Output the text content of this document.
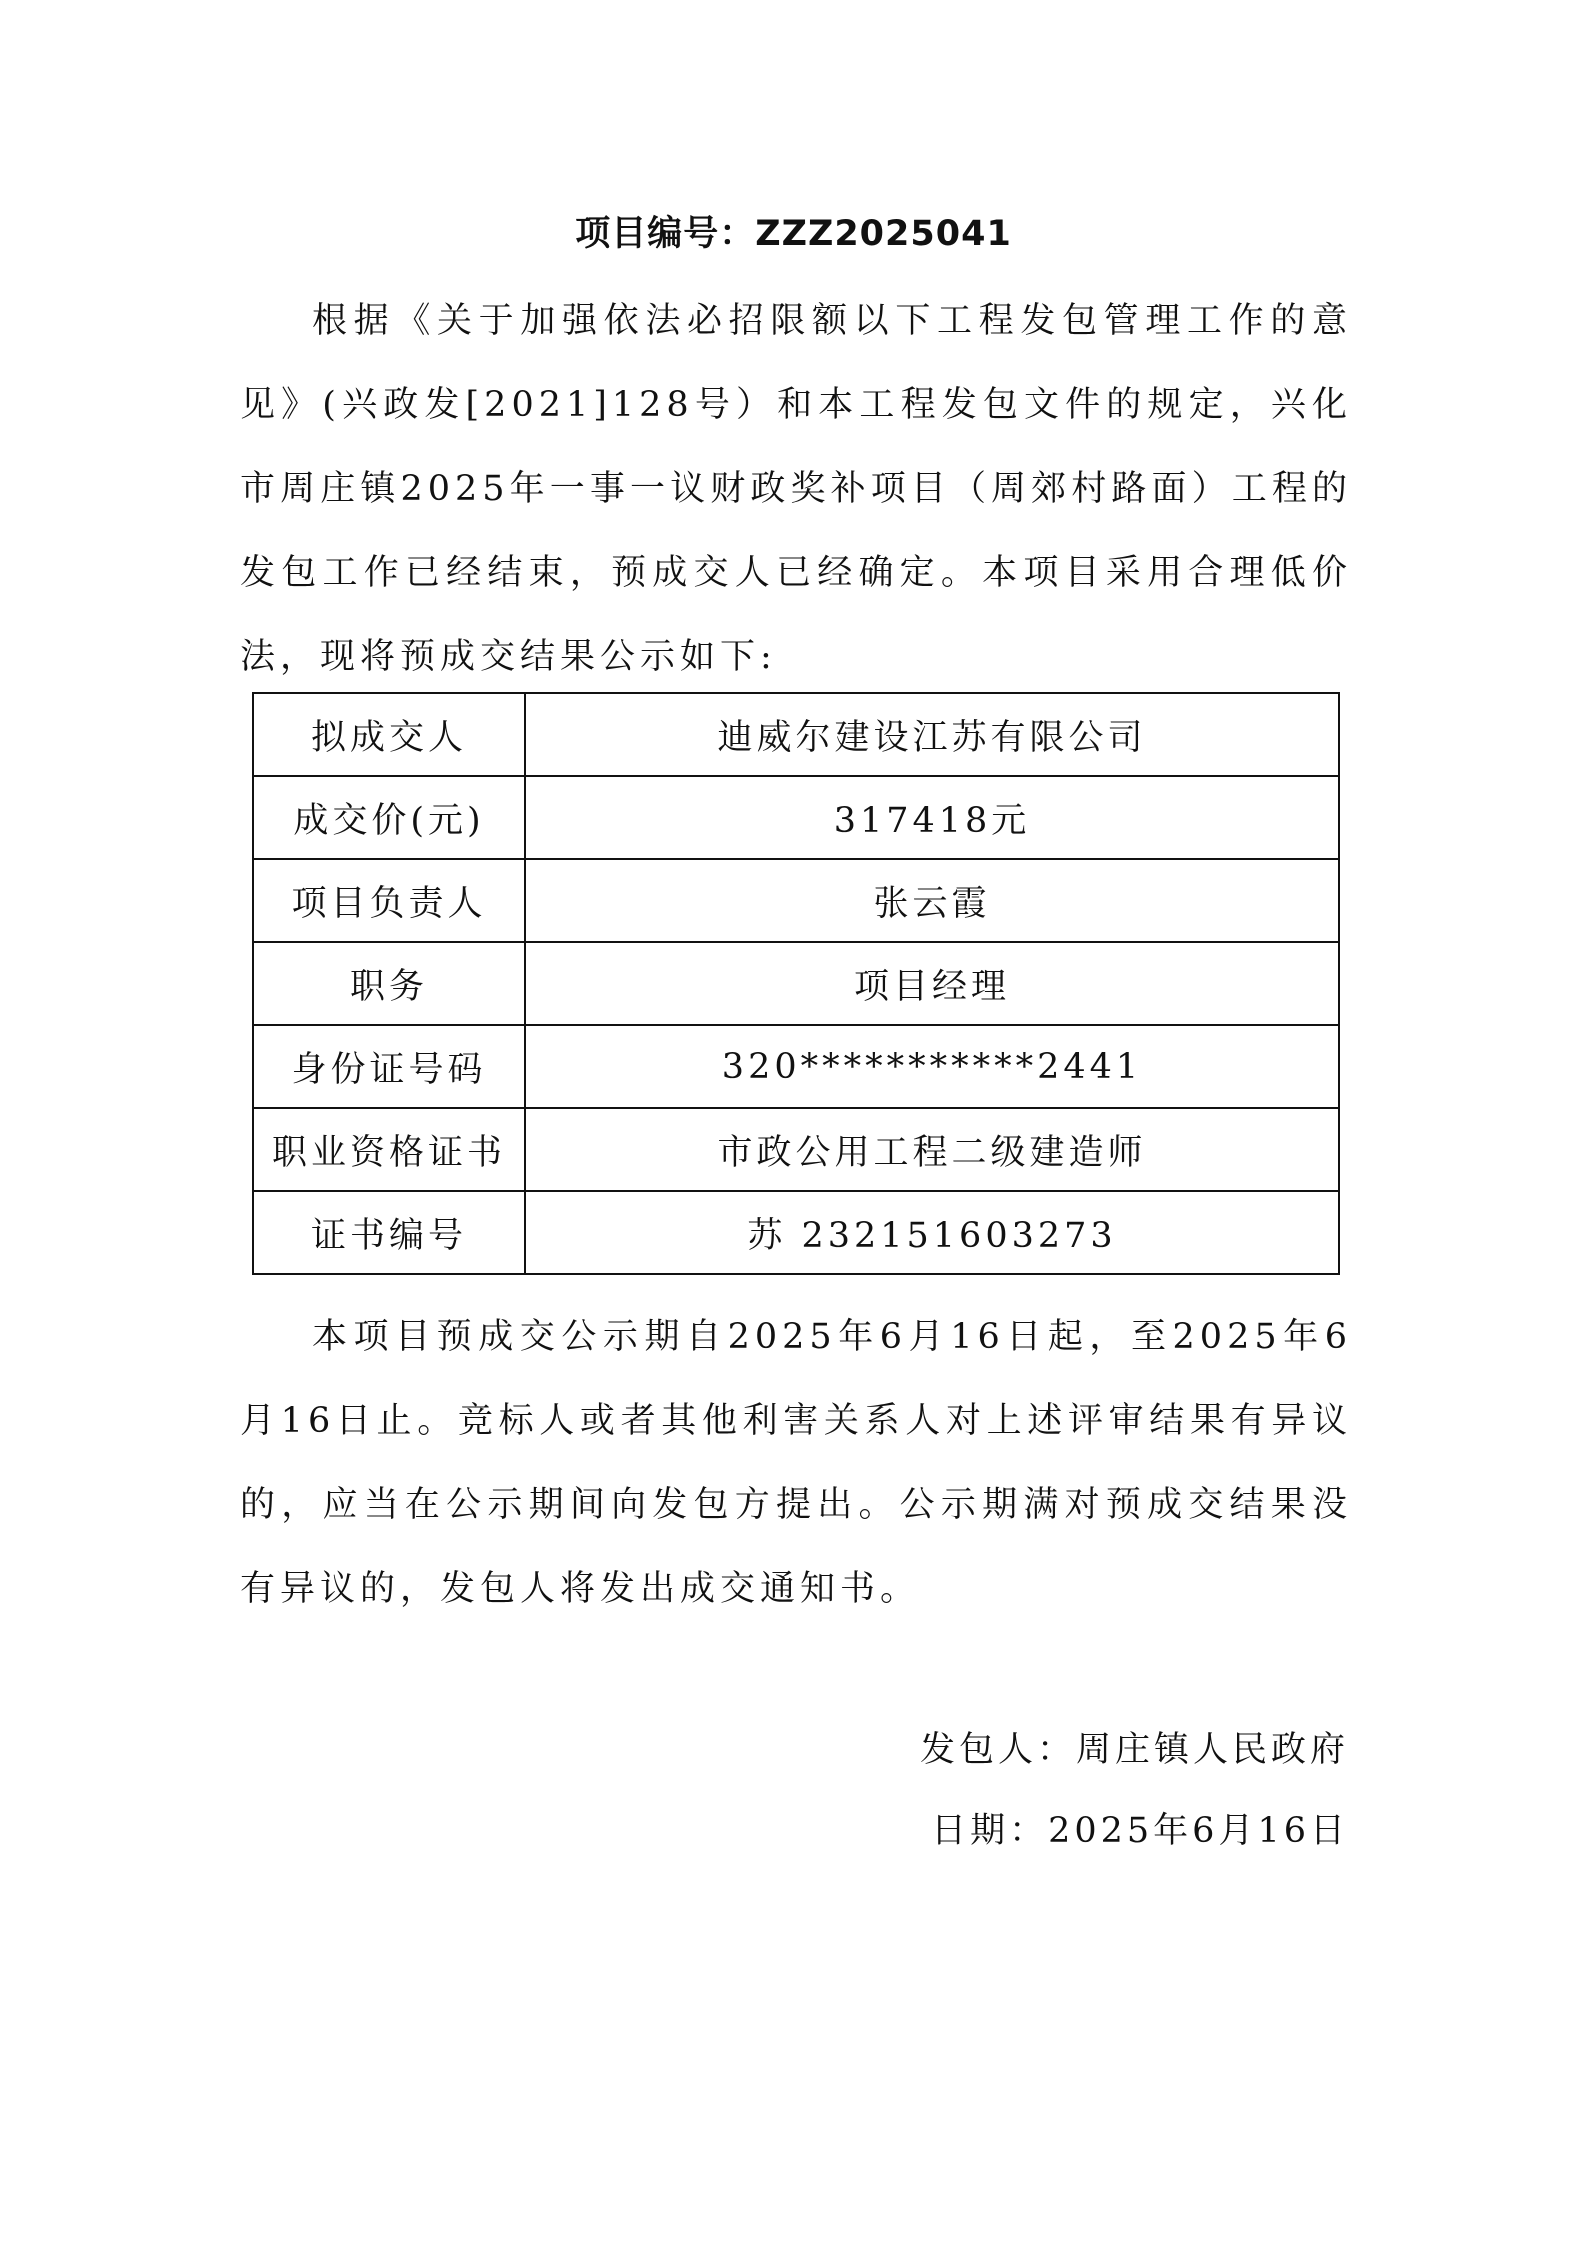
项目编号：ZZZ2025041

根据《关于加强依法必招限额以下工程发包管理工作的意见》(兴政发[2021]128号）和本工程发包文件的规定，兴化市周庄镇2025年一事一议财政奖补项目（周郊村路面）工程的发包工作已经结束，预成交人已经确定。本项目采用合理低价法，现将预成交结果公示如下:

拟成交人	迪威尔建设江苏有限公司
成交价(元)	317418元
项目负责人	张云霞
职务	项目经理
身份证号码	320***********2441
职业资格证书	市政公用工程二级建造师
证书编号	苏 232151603273

本项目预成交公示期自2025年6月16日起，至2025年6月16日止。竞标人或者其他利害关系人对上述评审结果有异议的，应当在公示期间向发包方提出。公示期满对预成交结果没有异议的，发包人将发出成交通知书。

发包人：周庄镇人民政府
日期：2025年6月16日
